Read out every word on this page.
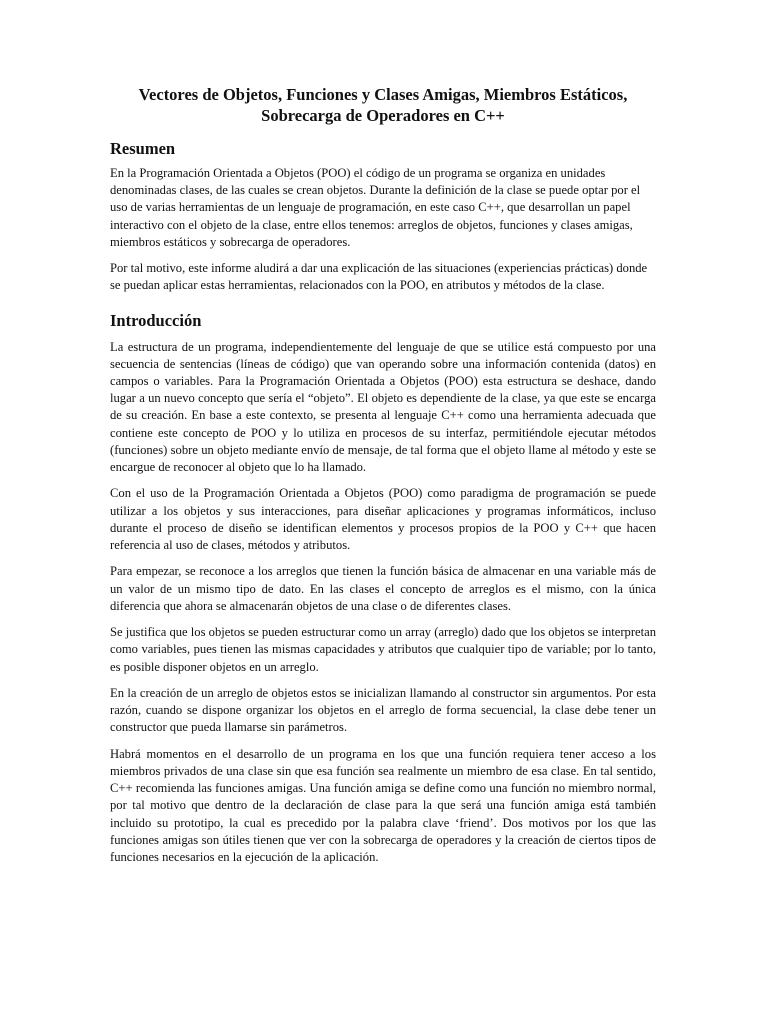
Vectores de Objetos, Funciones y Clases Amigas, Miembros Estáticos,
Sobrecarga de Operadores en C++
Resumen

En la Programación Orientada a Objetos (POO) el código de un programa se organiza en unidades denominadas clases, de las cuales se crean objetos. Durante la definición de la clase se puede optar por el uso de varias herramientas de un lenguaje de programación, en este caso C++, que desarrollan un papel interactivo con el objeto de la clase, entre ellos tenemos: arreglos de objetos, funciones y clases amigas, miembros estáticos y sobrecarga de operadores.

Por tal motivo, este informe aludirá a dar una explicación de las situaciones (experiencias prácticas) donde se puedan aplicar estas herramientas, relacionados con la POO, en atributos y métodos de la clase.

Introducción

La estructura de un programa, independientemente del lenguaje de que se utilice está compuesto por una secuencia de sentencias (líneas de código) que van operando sobre una información contenida (datos) en campos o variables. Para la Programación Orientada a Objetos (POO) esta estructura se deshace, dando lugar a un nuevo concepto que sería el “objeto”. El objeto es dependiente de la clase, ya que este se encarga de su creación. En base a este contexto, se presenta al lenguaje C++ como una herramienta adecuada que contiene este concepto de POO y lo utiliza en procesos de su interfaz, permitiéndole ejecutar métodos (funciones) sobre un objeto mediante envío de mensaje, de tal forma que el objeto llame al método y este se encargue de reconocer al objeto que lo ha llamado.

Con el uso de la Programación Orientada a Objetos (POO) como paradigma de programación se puede utilizar a los objetos y sus interacciones, para diseñar aplicaciones y programas informáticos, incluso durante el proceso de diseño se identifican elementos y procesos propios de la POO y C++ que hacen referencia al uso de clases, métodos y atributos.

Para empezar, se reconoce a los arreglos que tienen la función básica de almacenar en una variable más de un valor de un mismo tipo de dato. En las clases el concepto de arreglos es el mismo, con la única diferencia que ahora se almacenarán objetos de una clase o de diferentes clases.

Se justifica que los objetos se pueden estructurar como un array (arreglo) dado que los objetos se interpretan como variables, pues tienen las mismas capacidades y atributos que cualquier tipo de variable; por lo tanto, es posible disponer objetos en un arreglo.

En la creación de un arreglo de objetos estos se inicializan llamando al constructor sin argumentos. Por esta razón, cuando se dispone organizar los objetos en el arreglo de forma secuencial, la clase debe tener un constructor que pueda llamarse sin parámetros.

Habrá momentos en el desarrollo de un programa en los que una función requiera tener acceso a los miembros privados de una clase sin que esa función sea realmente un miembro de esa clase. En tal sentido, C++ recomienda las funciones amigas. Una función amiga se define como una función no miembro normal, por tal motivo que dentro de la declaración de clase para la que será una función amiga está también incluido su prototipo, la cual es precedido por la palabra clave ‘friend’. Dos motivos por los que las funciones amigas son útiles tienen que ver con la sobrecarga de operadores y la creación de ciertos tipos de funciones necesarios en la ejecución de la aplicación.
